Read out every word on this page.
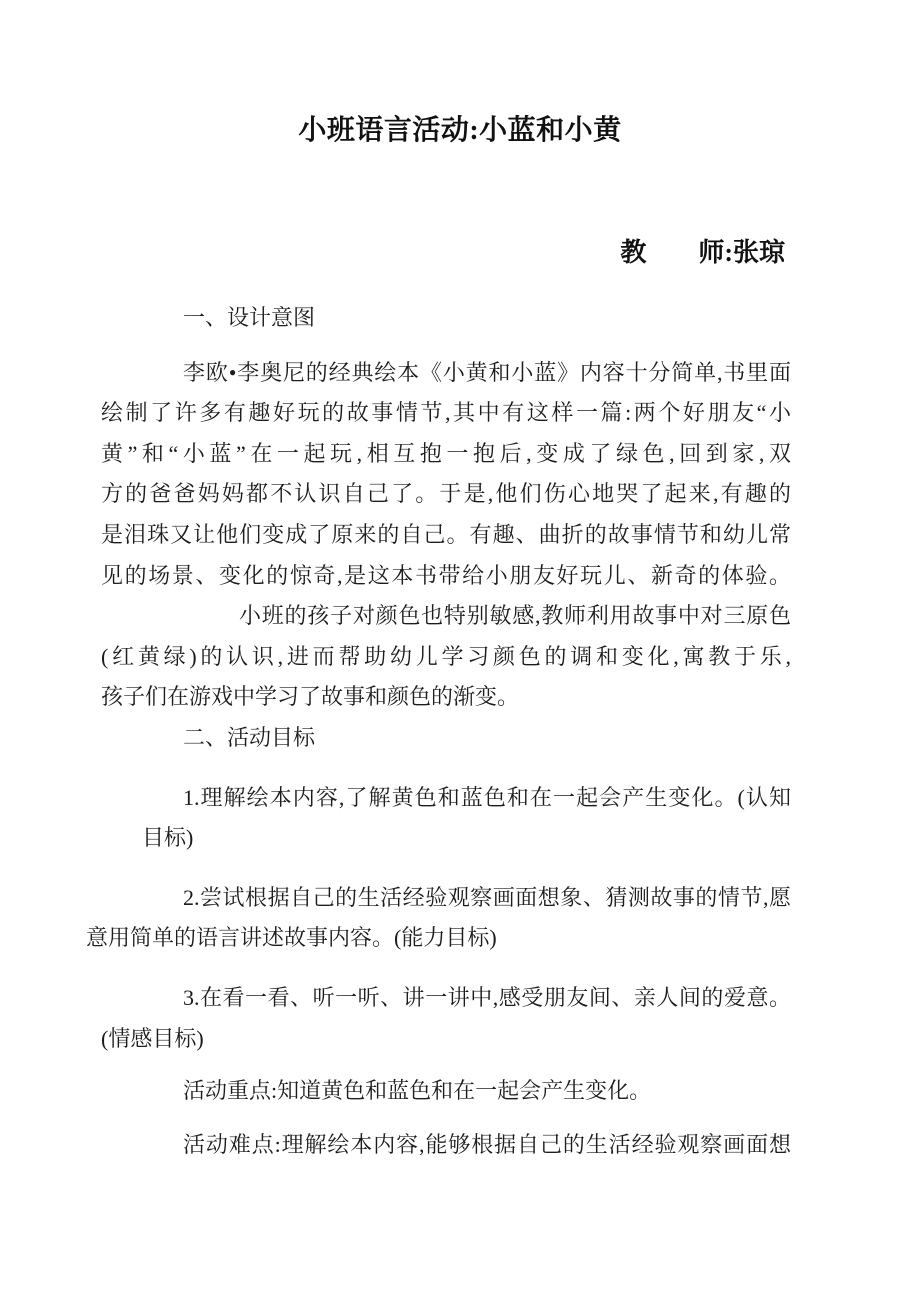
小班语言活动:小蓝和小黄
教　　师:张琼
一、设计意图
李欧•李奥尼的经典绘本《小黄和小蓝》内容十分简单,书里面
绘制了许多有趣好玩的故事情节,其中有这样一篇:两个好朋友“小
黄”和“小蓝”在一起玩,相互抱一抱后,变成了绿色,回到家,双
方的爸爸妈妈都不认识自己了。于是,他们伤心地哭了起来,有趣的
是泪珠又让他们变成了原来的自己。有趣、曲折的故事情节和幼儿常
见的场景、变化的惊奇,是这本书带给小朋友好玩儿、新奇的体验。
小班的孩子对颜色也特别敏感,教师利用故事中对三原色
(红黄绿)的认识,进而帮助幼儿学习颜色的调和变化,寓教于乐,
孩子们在游戏中学习了故事和颜色的渐变。
二、活动目标
1.理解绘本内容,了解黄色和蓝色和在一起会产生变化。(认知
目标)
2.尝试根据自己的生活经验观察画面想象、猜测故事的情节,愿
意用简单的语言讲述故事内容。(能力目标)
3.在看一看、听一听、讲一讲中,感受朋友间、亲人间的爱意。
(情感目标)
活动重点:知道黄色和蓝色和在一起会产生变化。
活动难点:理解绘本内容,能够根据自己的生活经验观察画面想
